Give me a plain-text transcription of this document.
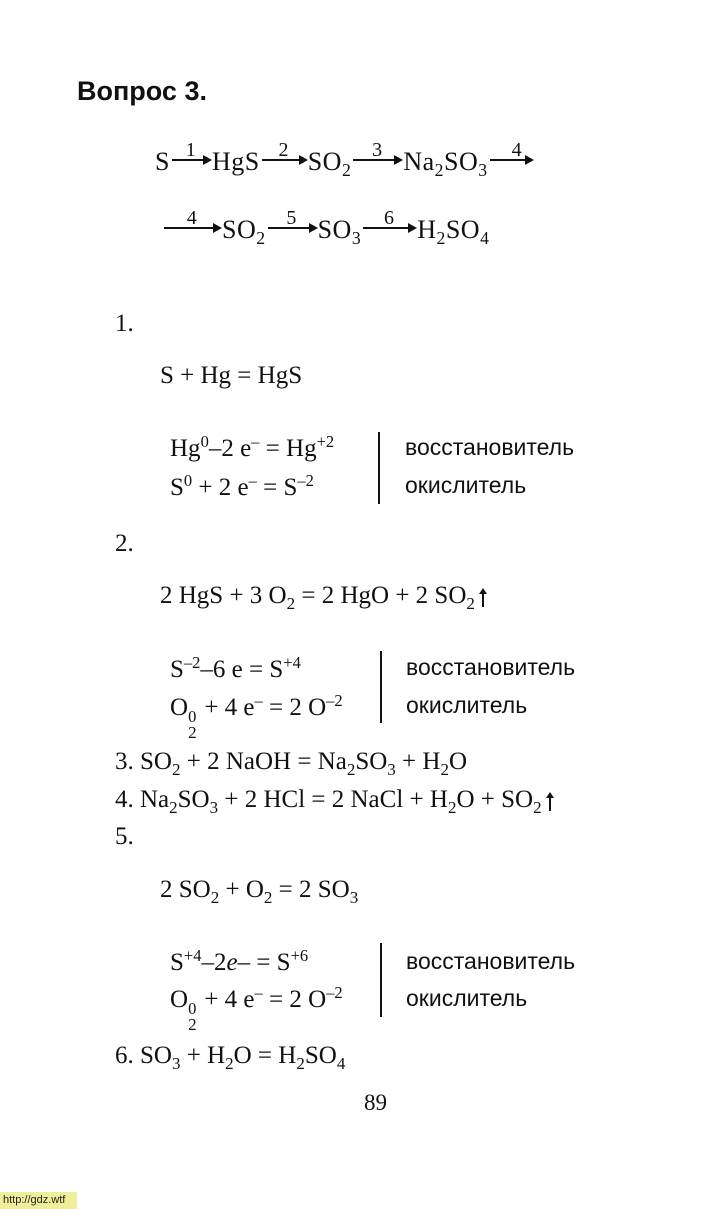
Вопрос 3.
S 1 HgS 2 $SO_2$
3 $Na_2SO_3$
4
4 $SO_2$
5 $SO_3$
6 $H_2SO_4$
1.
S + Hg = HgS
Hg$^0$–2 $e^- = Hg^{+2}$
$S^0 + 2$ $e^- = S^{-2}$
восстановитель
окислитель
2.
2 HgS + 3 $O_2 = 2$ HgO + 2 $SO_2$
$S^{-2}-6$ $e = S^{+4}$
O 0
2
+ 4 e– = 2 $O^{-2}$
восстановитель
окислитель
3. $SO_2 + 2$ NaOH = $Na_2SO_3 + H_2O$
4. $Na_2SO_3 + 2$ HCl = 2 NaCl + $H_2O + SO_2$
5.
2 $SO_2 + O_2 = 2$ $SO_3$
$S^{+4}-2e- = S^{+6}$
O 0
2
+ 4 e– = 2 $O^{-2}$
восстановитель
окислитель
6. $SO_3 + H_2O = H_2SO_4$
89
http://gdz.wtf
